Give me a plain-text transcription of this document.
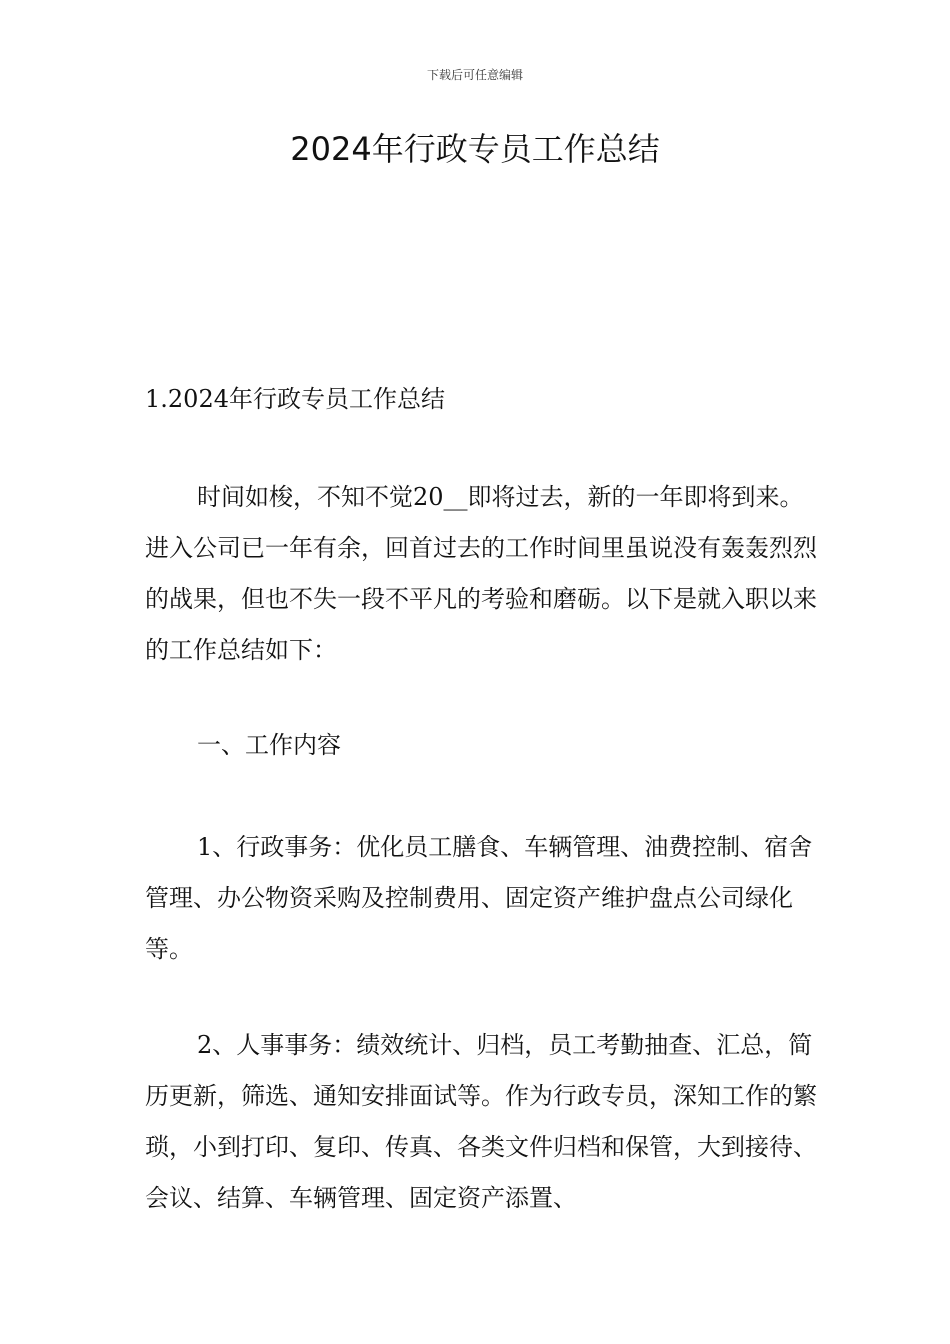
下载后可任意编辑
2024年行政专员工作总结

1.2024年行政专员工作总结

时间如梭，不知不觉20__即将过去，新的一年即将到来。进入公司已一年有余，回首过去的工作时间里虽说没有轰轰烈烈的战果，但也不失一段不平凡的考验和磨砺。以下是就入职以来的工作总结如下：

一、工作内容

1、行政事务：优化员工膳食、车辆管理、油费控制、宿舍管理、办公物资采购及控制费用、固定资产维护盘点公司绿化等。

2、人事事务：绩效统计、归档，员工考勤抽查、汇总，简历更新，筛选、通知安排面试等。作为行政专员，深知工作的繁琐，小到打印、复印、传真、各类文件归档和保管，大到接待、会议、结算、车辆管理、固定资产添置、
